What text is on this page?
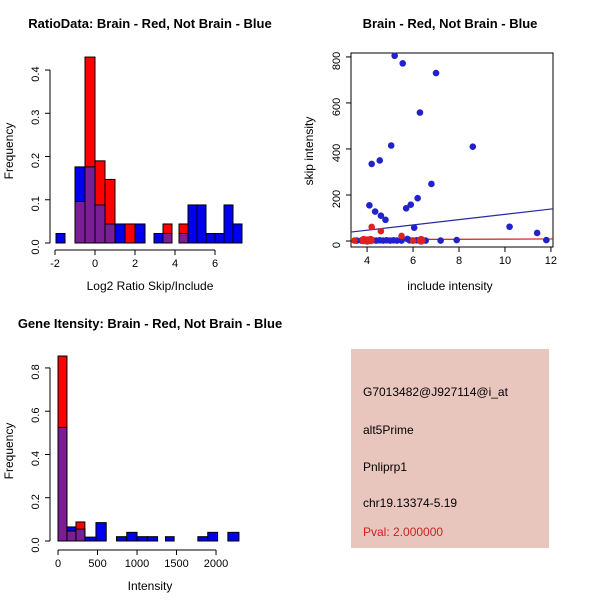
-2	0	2	4	6
0.0
0.1
0.2
0.3
0.4
RatioData: Brain - Red, Not Brain - Blue
Frequency
Log2 Ratio Skip/Include
4	6	8	10	12
0
200
400
600
800
Brain - Red, Not Brain - Blue
skip intensity
include intensity
0 500 1000 1500 2000
0.0
0.2
0.4
0.6
0.8
Gene Itensity: Brain - Red, Not Brain - Blue
Frequency
Intensity
G7013482@J927114@i_at
alt5Prime
Pnliprp1
chr19.13374-5.19
Pval: 2.000000
